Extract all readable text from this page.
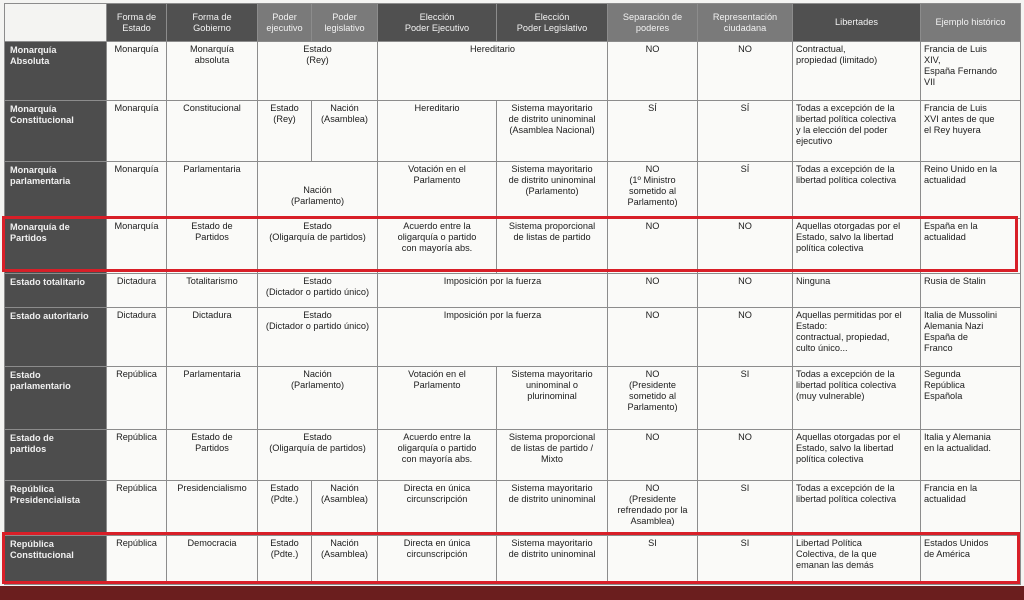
	Forma de
Estado	Forma de
Gobierno	Poder
ejecutivo	Poder
legislativo	Elección
Poder Ejecutivo	Elección
Poder Legislativo	Separación de
poderes	Representación
ciudadana	Libertades	Ejemplo histórico
Monarquía
Absoluta	Monarquía	Monarquía
absoluta	Estado
(Rey)		Hereditario		NO	NO	Contractual,
propiedad (limitado)	Francia de Luis
XIV,
España Fernando
VII
Monarquía
Constitucional	Monarquía	Constitucional	Estado
(Rey)	Nación
(Asamblea)	Hereditario	Sistema mayoritario
de distrito uninominal
(Asamblea Nacional)	SÍ	SÍ	Todas a excepción de la
libertad política colectiva
y la elección del poder
ejecutivo	Francia de Luis
XVI antes de que
el Rey huyera
Monarquía
parlamentaria	Monarquía	Parlamentaria	Nación
(Parlamento)		Votación en el
Parlamento	Sistema mayoritario
de distrito uninominal
(Parlamento)	NO
(1º Ministro
sometido al
Parlamento)	SÍ	Todas a excepción de la
libertad política colectiva	Reino Unido en la
actualidad
Monarquía de
Partidos	Monarquía	Estado de
Partidos	Estado
(Oligarquía de partidos)		Acuerdo entre la
oligarquía o partido
con mayoría abs.	Sistema proporcional
de listas de partido	NO	NO	Aquellas otorgadas por el
Estado, salvo la libertad
política colectiva	España en la
actualidad
Estado totalitario	Dictadura	Totalitarismo	Estado
(Dictador o partido único)		Imposición por la fuerza		NO	NO	Ninguna	Rusia de Stalin
Estado autoritario	Dictadura	Dictadura	Estado
(Dictador o partido único)		Imposición por la fuerza		NO	NO	Aquellas permitidas por el
Estado:
contractual, propiedad,
culto único...	Italia de Mussolini
Alemania Nazi
España de
Franco
Estado
parlamentario	República	Parlamentaria	Nación
(Parlamento)		Votación en el
Parlamento	Sistema mayoritario
uninominal o
plurinominal	NO
(Presidente
sometido al
Parlamento)	SI	Todas a excepción de la
libertad política colectiva
(muy vulnerable)	Segunda
República
Española
Estado de
partidos	República	Estado de
Partidos	Estado
(Oligarquía de partidos)		Acuerdo entre la
oligarquía o partido
con mayoría abs.	Sistema proporcional
de listas de partido /
Mixto	NO	NO	Aquellas otorgadas por el
Estado, salvo la libertad
política colectiva	Italia y Alemania
en la actualidad.
República
Presidencialista	República	Presidencialismo	Estado
(Pdte.)	Nación
(Asamblea)	Directa en única
circunscripción	Sistema mayoritario
de distrito uninominal	NO
(Presidente
refrendado por la
Asamblea)	SI	Todas a excepción de la
libertad política colectiva	Francia en la
actualidad
República
Constitucional	República	Democracia	Estado
(Pdte.)	Nación
(Asamblea)	Directa en única
circunscripción	Sistema mayoritario
de distrito uninominal	SI	SI	Libertad Política
Colectiva, de la que
emanan las demás	Estados Unidos
de América
